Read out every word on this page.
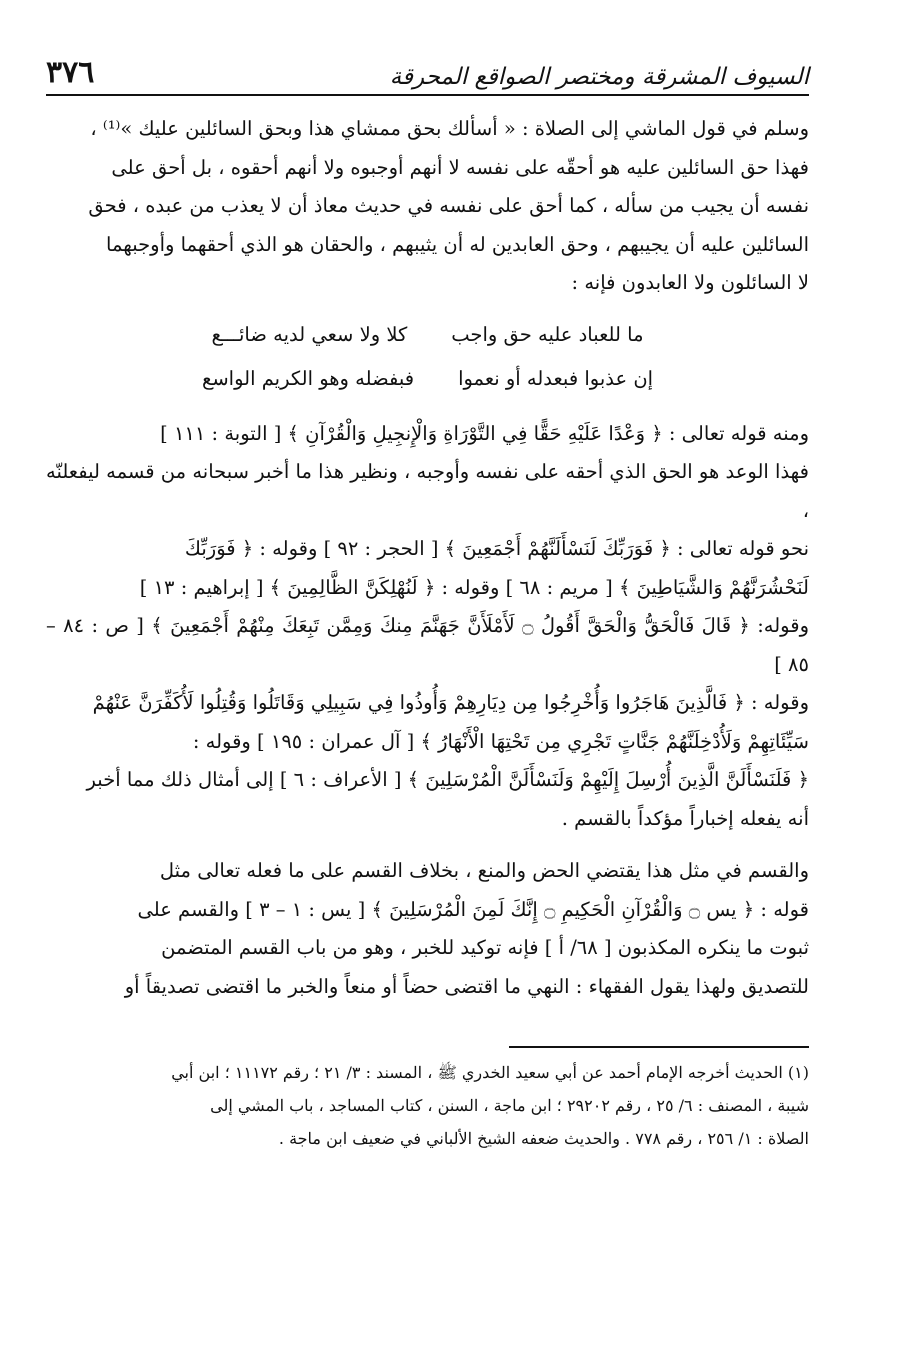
٣٧٦	السيوف المشرقة ومختصر الصواقع المحرقة

وسلم في قول الماشي إلى الصلاة : « أسألك بحق ممشاي هذا وبحق السائلين عليك »⁽¹⁾ ،

فهذا حق السائلين عليه هو أحقّه على نفسه لا أنهم أوجبوه ولا أنهم أحقوه ، بل أحق على

نفسه أن يجيب من سأله ، كما أحق على نفسه في حديث معاذ أن لا يعذب من عبده ، فحق

السائلين عليه أن يجيبهم ، وحق العابدين له أن يثيبهم ، والحقان هو الذي أحقهما وأوجبهما

لا السائلون ولا العابدون فإنه :

ما للعباد عليه حق واجب
كلا ولا سعي لديه ضائـــع
إن عذبوا فبعدله أو نعموا
فبفضله وهو الكريم الواسع

ومنه قوله تعالى : ﴿ وَعْدًا عَلَيْهِ حَقًّا فِي التَّوْرَاةِ وَالْإِنجِيلِ وَالْقُرْآنِ ﴾ [ التوبة : ١١١ ]

فهذا الوعد هو الحق الذي أحقه على نفسه وأوجبه ، ونظير هذا ما أخبر سبحانه من قسمه ليفعلنّه ،

نحو قوله تعالى : ﴿ فَوَرَبِّكَ لَنَسْأَلَنَّهُمْ أَجْمَعِينَ ﴾ [ الحجر : ٩٢ ] وقوله : ﴿ فَوَرَبِّكَ

لَنَحْشُرَنَّهُمْ وَالشَّيَاطِينَ ﴾ [ مريم : ٦٨ ] وقوله : ﴿ لَنُهْلِكَنَّ الظَّالِمِينَ ﴾ [ إبراهيم : ١٣ ]

وقوله: ﴿ قَالَ فَالْحَقُّ وَالْحَقَّ أَقُولُ ۝ لَأَمْلَأَنَّ جَهَنَّمَ مِنكَ وَمِمَّن تَبِعَكَ مِنْهُمْ أَجْمَعِينَ ﴾ [ ص : ٨٤ – ٨٥ ]

وقوله : ﴿ فَالَّذِينَ هَاجَرُوا وَأُخْرِجُوا مِن دِيَارِهِمْ وَأُوذُوا فِي سَبِيلِي وَقَاتَلُوا وَقُتِلُوا لَأُكَفِّرَنَّ عَنْهُمْ

سَيِّئَاتِهِمْ وَلَأُدْخِلَنَّهُمْ جَنَّاتٍ تَجْرِي مِن تَحْتِهَا الْأَنْهَارُ ﴾ [ آل عمران : ١٩٥ ] وقوله :

﴿ فَلَنَسْأَلَنَّ الَّذِينَ أُرْسِلَ إِلَيْهِمْ وَلَنَسْأَلَنَّ الْمُرْسَلِينَ ﴾ [ الأعراف : ٦ ] إلى أمثال ذلك مما أخبر

أنه يفعله إخباراً مؤكداً بالقسم .

والقسم في مثل هذا يقتضي الحض والمنع ، بخلاف القسم على ما فعله تعالى مثل

قوله : ﴿ يس ۝ وَالْقُرْآنِ الْحَكِيمِ ۝ إِنَّكَ لَمِنَ الْمُرْسَلِينَ ﴾ [ يس : ١ – ٣ ] والقسم على

ثبوت ما ينكره المكذبون [ ٦٨/ أ ] فإنه توكيد للخبر ، وهو من باب القسم المتضمن

للتصديق ولهذا يقول الفقهاء : النهي ما اقتضى حضاً أو منعاً والخبر ما اقتضى تصديقاً أو

(١) الحديث أخرجه الإمام أحمد عن أبي سعيد الخدري ﷺ ، المسند : ٣/ ٢١ ؛ رقم ١١١٧٢ ؛ ابن أبي

شيبة ، المصنف : ٦/ ٢٥ ، رقم ٢٩٢٠٢ ؛ ابن ماجة ، السنن ، كتاب المساجد ، باب المشي إلى

الصلاة : ١/ ٢٥٦ ، رقم ٧٧٨ . والحديث ضعفه الشيخ الألباني في ضعيف ابن ماجة .
